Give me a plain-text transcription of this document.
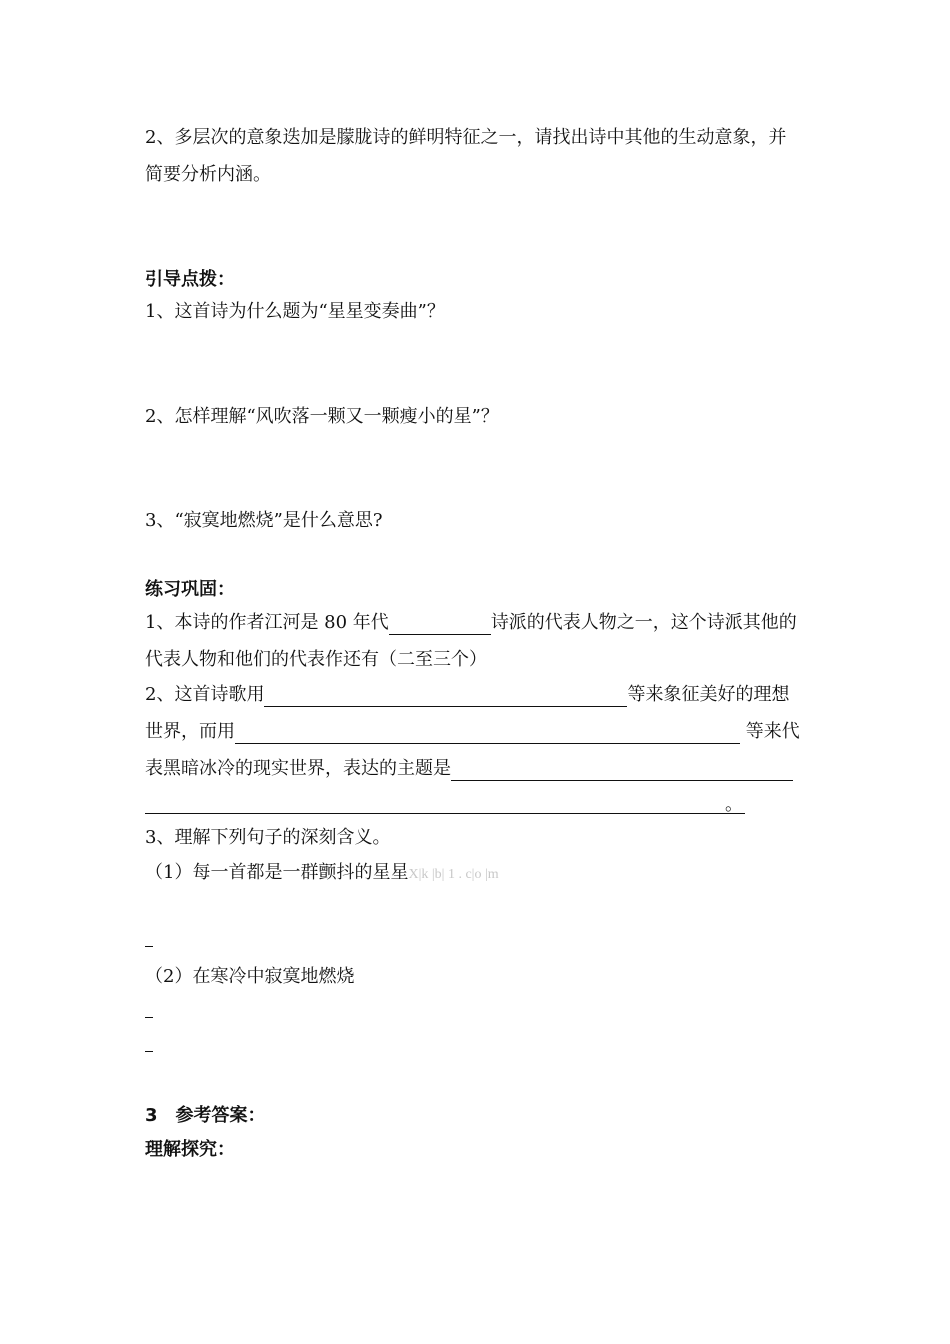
2、多层次的意象迭加是朦胧诗的鲜明特征之一，请找出诗中其他的生动意象，并
简要分析内涵。
引导点拨：
1、这首诗为什么题为“星星变奏曲”？
2、怎样理解“风吹落一颗又一颗瘦小的星”？
3、“寂寞地燃烧”是什么意思?
练习巩固：
1、本诗的作者江河是 80 年代	诗派的代表人物之一，这个诗派其他的
代表人物和他们的代表作还有（二至三个）
2、这首诗歌用	等来象征美好的理想
世界，而用	等来代
表黑暗冰冷的现实世界，表达的主题是
。
3、理解下列句子的深刻含义。
（1）每一首都是一群颤抖的星星X|k |b| 1 . c|o |m
（2）在寒冷中寂寞地燃烧
3　参考答案：
理解探究：
